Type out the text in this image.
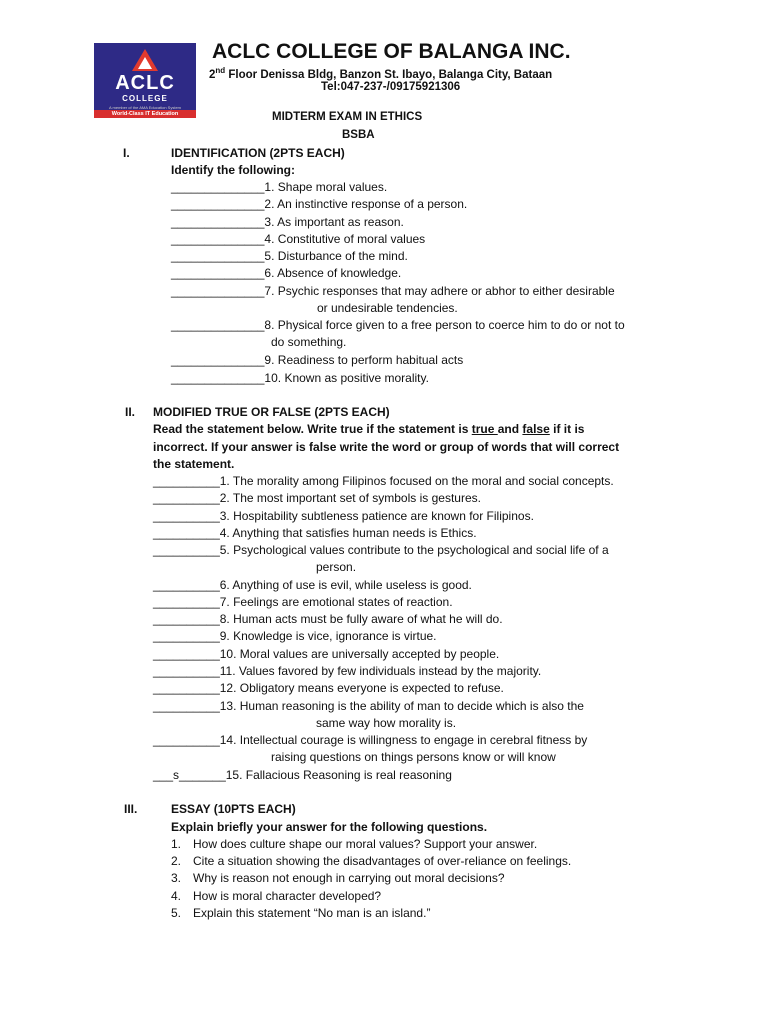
ACLC
COLLEGE
A member of the AMA Education System
World-Class IT Education
ACLC COLLEGE OF BALANGA INC.
2nd Floor Denissa Bldg, Banzon St. Ibayo, Balanga City, Bataan
Tel:047-237-/09175921306
MIDTERM EXAM IN ETHICS
BSBA
I.	IDENTIFICATION (2PTS EACH)
Identify the following:
______________1. Shape moral values.
______________2. An instinctive response of a person.
______________3. As important as reason.
______________4. Constitutive of moral values
______________5. Disturbance of the mind.
______________6. Absence of knowledge.
______________7. Psychic responses that may adhere or abhor to either desirable
or undesirable tendencies.
______________8. Physical force given to a free person to coerce him to do or not to
do something.
______________9. Readiness to perform habitual acts
______________10. Known as positive morality.
II. MODIFIED TRUE OR FALSE (2PTS EACH)
Read the statement below. Write true if the statement is true and false if it is
incorrect. If your answer is false write the word or group of words that will correct
the statement.
__________1. The morality among Filipinos focused on the moral and social concepts.
__________2. The most important set of symbols is gestures.
__________3. Hospitability subtleness patience are known for Filipinos.
__________4. Anything that satisfies human needs is Ethics.
__________5. Psychological values contribute to the psychological and social life of a
person.
__________6. Anything of use is evil, while useless is good.
__________7. Feelings are emotional states of reaction.
__________8. Human acts must be fully aware of what he will do.
__________9. Knowledge is vice, ignorance is virtue.
__________10. Moral values are universally accepted by people.
__________11. Values favored by few individuals instead by the majority.
__________12. Obligatory means everyone is expected to refuse.
__________13. Human reasoning is the ability of man to decide which is also the
same way how morality is.
__________14. Intellectual courage is willingness to engage in cerebral fitness by
raising questions on things persons know or will know
___s_______15. Fallacious Reasoning is real reasoning
III.	ESSAY (10PTS EACH)
Explain briefly your answer for the following questions.
1. How does culture shape our moral values? Support your answer.
2. Cite a situation showing the disadvantages of over-reliance on feelings.
3. Why is reason not enough in carrying out moral decisions?
4. How is moral character developed?
5. Explain this statement “No man is an island.”
